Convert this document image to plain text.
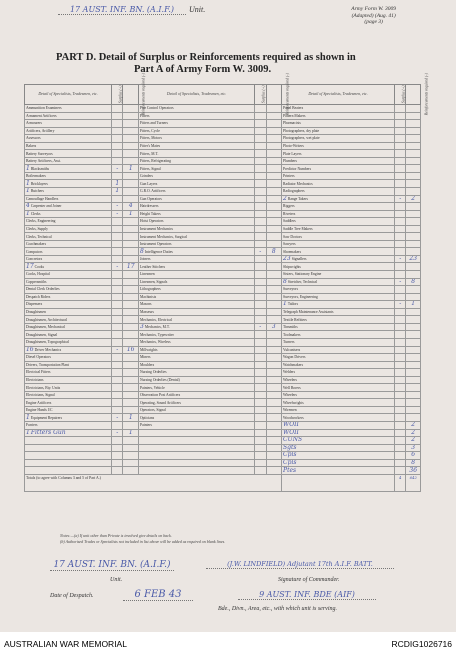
17 AUST. INF. BN. (A.I.F.) Unit.	Army Form W. 3009
(Adapted) (Aug. 41)
(page 3)
PART D. Detail of Surplus or Reinforcements required as shown in
Part A of Army Form W. 3009.
Detail of Specialists, Tradesmen, etc.	Surplus (+)	Reinforcements required (-)	Detail of Specialists, Tradesmen, etc.	Surplus (+)	Reinforcements required (-)	Detail of Specialists, Tradesmen, etc.	Surplus (+)	Reinforcements required (-)
Ammunition Examiners			Fire Control Operators			Panel Beaters		
Armament Artificers			Fitters			Pattern Makers		
Armourers			Fitters and Turners			Pharmacists		
Artificers, Artillery			Fitters, Cycle			Photographers, dry plate		
Assessors			Fitters, Motors			Photographers, wet plate		
Bakers			Fitter's Mates			Photo-Writers		
Battery Surveyors			Fitters, M.T.			Plate Layers		
Battery Artificers, Asst.			Fitters, Refrigerating			Plumbers		
1Blacksmiths	-	1	Fitters, Signal			Predictor Numbers		
Boilermakers			Grinders			Printers		
1Bricklayers	1		Gun Layers			Radiator Mechanics		
1Butchers	1		G.R.O. Artificers			Radiographers		
Camouflage Handlers			Gun Operators			2Range Takers	-	2
4Carpenter and Joiner	-	4	Hairdressers			Riggers		
1Clerks	-	1	Height Takers			Riveters		
Clerks, Engineering			Hoist Operators			Saddlers		
Clerks, Supply			Instrument Mechanics			Saddle Tree Makers		
Clerks, Technical			Instrument Mechanics, Surgical			Saw Doctors		
Coachmakers			Instrument Operators			Sawyers		
Computors			8Intelligence Duties	-	8	Shoemakers		
Concretors			Joiners			23Signallers	-	23
17Cooks	-	17	Leather Stitchers			Shipwrights		
Cooks, Hospital			Linesmen			Sisters, Stationary Engine		
Coppersmiths			Linesmen, Signals			8Stretcher, Technical	-	8
Dental Clerk Orderlies			Lithographers			Surveyors		
Despatch Riders			Machinists			Surveyors, Engineering		
Dispensers			Masons			1Tailors	-	1
Draughtsmen			Masseurs			Telegraph Maintenance Assistants		
Draughtsmen, Architectural			Mechanics, Electrical			Textile Refitters		
Draughtsmen, Mechanical			3Mechanics, M.T.	-	3	Tinsmiths		
Draughtsmen, Signal			Mechanics, Typewriter			Toolmakers		
Draughtsmen, Topographical			Mechanics, Wireless			Turners		
16Driver Mechanics	-	16	Millwrights			Vulcanisers		
Diesel Operators			Miners			Wagon Drivers		
Drivers, Transportation Plant			Moulders			Watchmakers		
Electrical Fitters			Nursing Orderlies			Welders		
Electricians			Nursing Orderlies (Dental)			Wheelers		
Electricians, Bty. Units			Painters, Vehicle			Well Borers		
Electricians, Signal			Observation Post Artificers			Wheelers		
Engine Artificers			Operating, Sound Artificers			Wheelwrights		
Engine Hands I/C			Operators, Signal			Wiremen		
1Equipment Repairers	-	1	Opticians			Woodworkers		
Farriers			Painters			WOII		2
1Fitters Gun	-	1				WOII		2
						CUNS		2
						Sgts		3
						Cpls		6
						Cpls		8
						Ptes		36
Totals (to agree with Columns 3 and 5 of Part A.)							4	642
Notes:—(a) If unit other than Private is involved give details on back.
(b) Authorised Trades or Specialists not included in list above will be added as required on blank lines.
17 AUST. INF. BN. (A.I.F.)	(J.W. LINDFIELD) Adjutant 17th A.I.F. BATT.
Unit.	Signature of Commander.
Date of Despatch.	6 FEB 43	9 AUST. INF. BDE (AIF)
Bde., Divn., Area, etc., with which unit is serving.
AUSTRALIAN WAR MEMORIAL	RCDIG1026716
